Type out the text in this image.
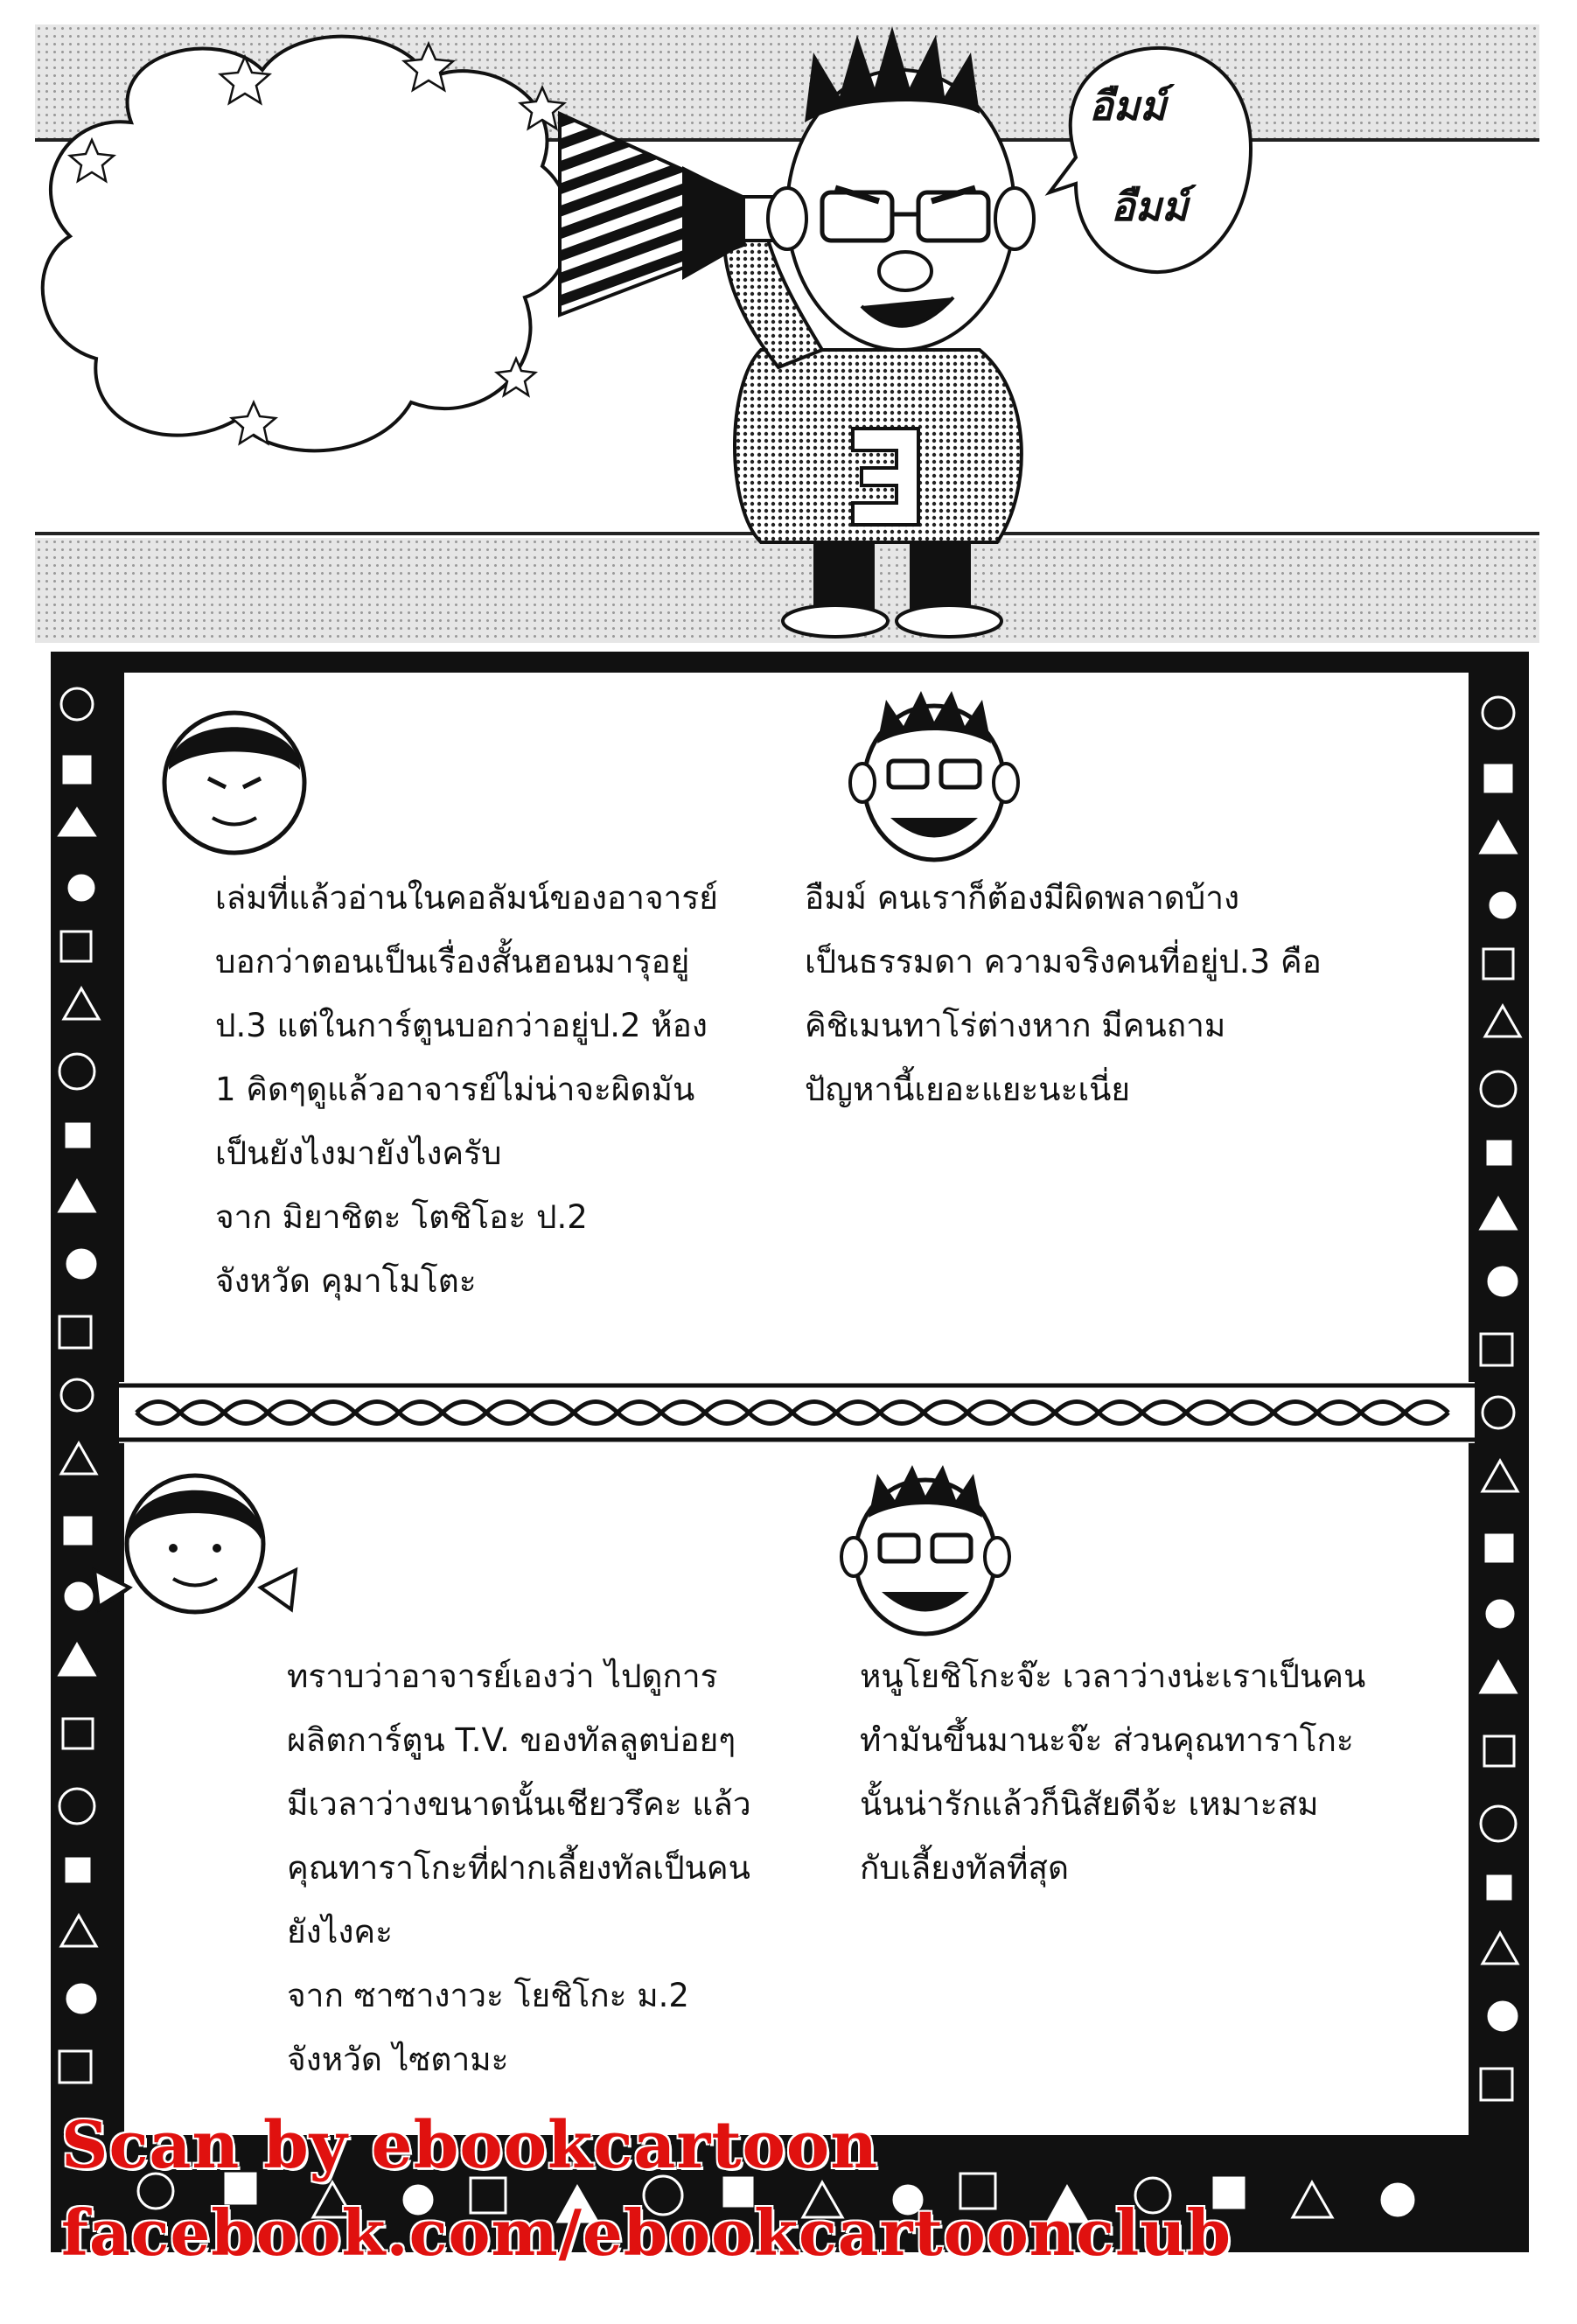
อืมม์
อืมม์
เล่มที่แล้วอ่านในคอลัมน์ของอาจารย์
บอกว่าตอนเป็นเรื่องสั้นฮอนมารุอยู่
ป.3 แต่ในการ์ตูนบอกว่าอยู่ป.2 ห้อง
1 คิดๆดูแล้วอาจารย์ไม่น่าจะผิดมัน
เป็นยังไงมายังไงครับ
จาก มิยาชิตะ โตชิโอะ ป.2
จังหวัด คุมาโมโตะ
อืมม์ คนเราก็ต้องมีผิดพลาดบ้าง
เป็นธรรมดา ความจริงคนที่อยู่ป.3 คือ
คิชิเมนทาโร่ต่างหาก มีคนถาม
ปัญหานี้เยอะแยะนะเนี่ย
ทราบว่าอาจารย์เองว่า ไปดูการ
ผลิตการ์ตูน T.V. ของทัลลูตบ่อยๆ
มีเวลาว่างขนาดนั้นเชียวรึคะ แล้ว
คุณทาราโกะที่ฝากเลี้ยงทัลเป็นคน
ยังไงคะ
จาก ซาซางาวะ โยชิโกะ ม.2
จังหวัด ไซตามะ
หนูโยชิโกะจ๊ะ เวลาว่างน่ะเราเป็นคน
ทำมันขึ้นมานะจ๊ะ ส่วนคุณทาราโกะ
นั้นน่ารักแล้วก็นิสัยดีจ้ะ เหมาะสม
กับเลี้ยงทัลที่สุด
Scan by ebookcartoon
facebook.com/ebookcartoonclub
